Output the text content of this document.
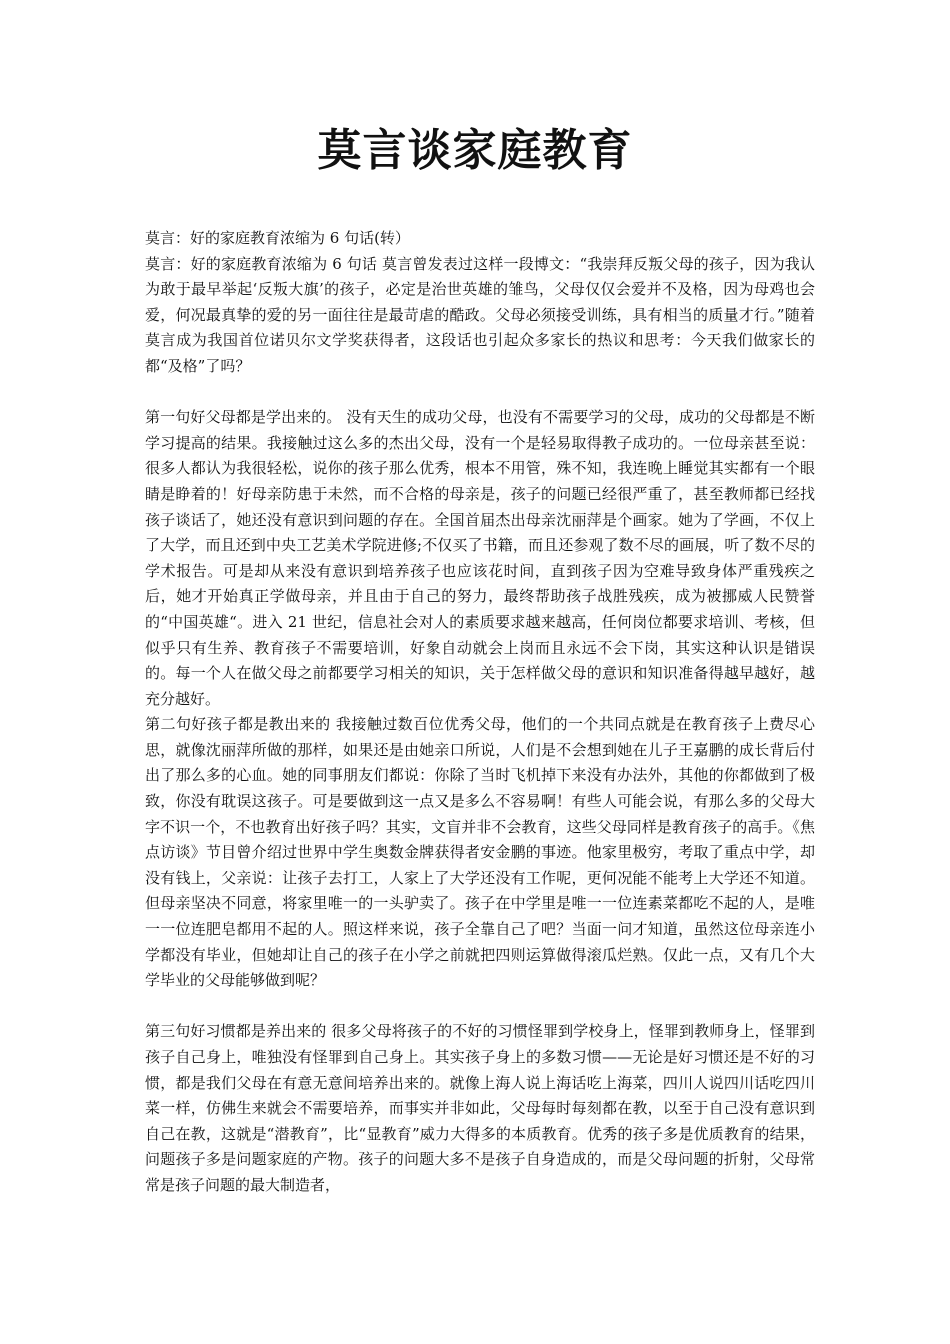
莫言谈家庭教育

莫言：好的家庭教育浓缩为 6 句话(转）

莫言：好的家庭教育浓缩为 6 句话 莫言曾发表过这样一段博文：“我崇拜反叛父母的孩子，因为我认为敢于最早举起‘反叛大旗’的孩子，必定是治世英雄的雏鸟，父母仅仅会爱并不及格，因为母鸡也会爱，何况最真挚的爱的另一面往往是最苛虐的酷政。父母必须接受训练，具有相当的质量才行。”随着莫言成为我国首位诺贝尔文学奖获得者，这段话也引起众多家长的热议和思考：今天我们做家长的都“及格”了吗？

第一句好父母都是学出来的。 没有天生的成功父母，也没有不需要学习的父母，成功的父母都是不断学习提高的结果。我接触过这么多的杰出父母，没有一个是轻易取得教子成功的。一位母亲甚至说：很多人都认为我很轻松，说你的孩子那么优秀，根本不用管，殊不知，我连晚上睡觉其实都有一个眼睛是睁着的！好母亲防患于未然，而不合格的母亲是，孩子的问题已经很严重了，甚至教师都已经找孩子谈话了，她还没有意识到问题的存在。全国首届杰出母亲沈丽萍是个画家。她为了学画，不仅上了大学，而且还到中央工艺美术学院进修;不仅买了书籍，而且还参观了数不尽的画展，听了数不尽的学术报告。可是却从来没有意识到培养孩子也应该花时间，直到孩子因为空难导致身体严重残疾之后，她才开始真正学做母亲，并且由于自己的努力，最终帮助孩子战胜残疾，成为被挪威人民赞誉的“中国英雄“。进入 21 世纪，信息社会对人的素质要求越来越高，任何岗位都要求培训、考核，但似乎只有生养、教育孩子不需要培训，好象自动就会上岗而且永远不会下岗，其实这种认识是错误的。每一个人在做父母之前都要学习相关的知识，关于怎样做父母的意识和知识准备得越早越好，越充分越好。

第二句好孩子都是教出来的 我接触过数百位优秀父母，他们的一个共同点就是在教育孩子上费尽心思，就像沈丽萍所做的那样，如果还是由她亲口所说，人们是不会想到她在儿子王嘉鹏的成长背后付出了那么多的心血。她的同事朋友们都说：你除了当时飞机掉下来没有办法外，其他的你都做到了极致，你没有耽误这孩子。可是要做到这一点又是多么不容易啊！有些人可能会说，有那么多的父母大字不识一个，不也教育出好孩子吗？其实，文盲并非不会教育，这些父母同样是教育孩子的高手。《焦点访谈》节目曾介绍过世界中学生奥数金牌获得者安金鹏的事迹。他家里极穷，考取了重点中学，却没有钱上，父亲说：让孩子去打工，人家上了大学还没有工作呢，更何况能不能考上大学还不知道。但母亲坚决不同意，将家里唯一的一头驴卖了。孩子在中学里是唯一一位连素菜都吃不起的人，是唯一一位连肥皂都用不起的人。照这样来说，孩子全靠自己了吧？当面一问才知道，虽然这位母亲连小学都没有毕业，但她却让自己的孩子在小学之前就把四则运算做得滚瓜烂熟。仅此一点，又有几个大学毕业的父母能够做到呢？

第三句好习惯都是养出来的 很多父母将孩子的不好的习惯怪罪到学校身上，怪罪到教师身上，怪罪到孩子自己身上，唯独没有怪罪到自己身上。其实孩子身上的多数习惯——无论是好习惯还是不好的习惯，都是我们父母在有意无意间培养出来的。就像上海人说上海话吃上海菜，四川人说四川话吃四川菜一样，仿佛生来就会不需要培养，而事实并非如此，父母每时每刻都在教，以至于自己没有意识到自己在教，这就是“潜教育”，比“显教育”威力大得多的本质教育。优秀的孩子多是优质教育的结果，问题孩子多是问题家庭的产物。孩子的问题大多不是孩子自身造成的，而是父母问题的折射，父母常常是孩子问题的最大制造者，
